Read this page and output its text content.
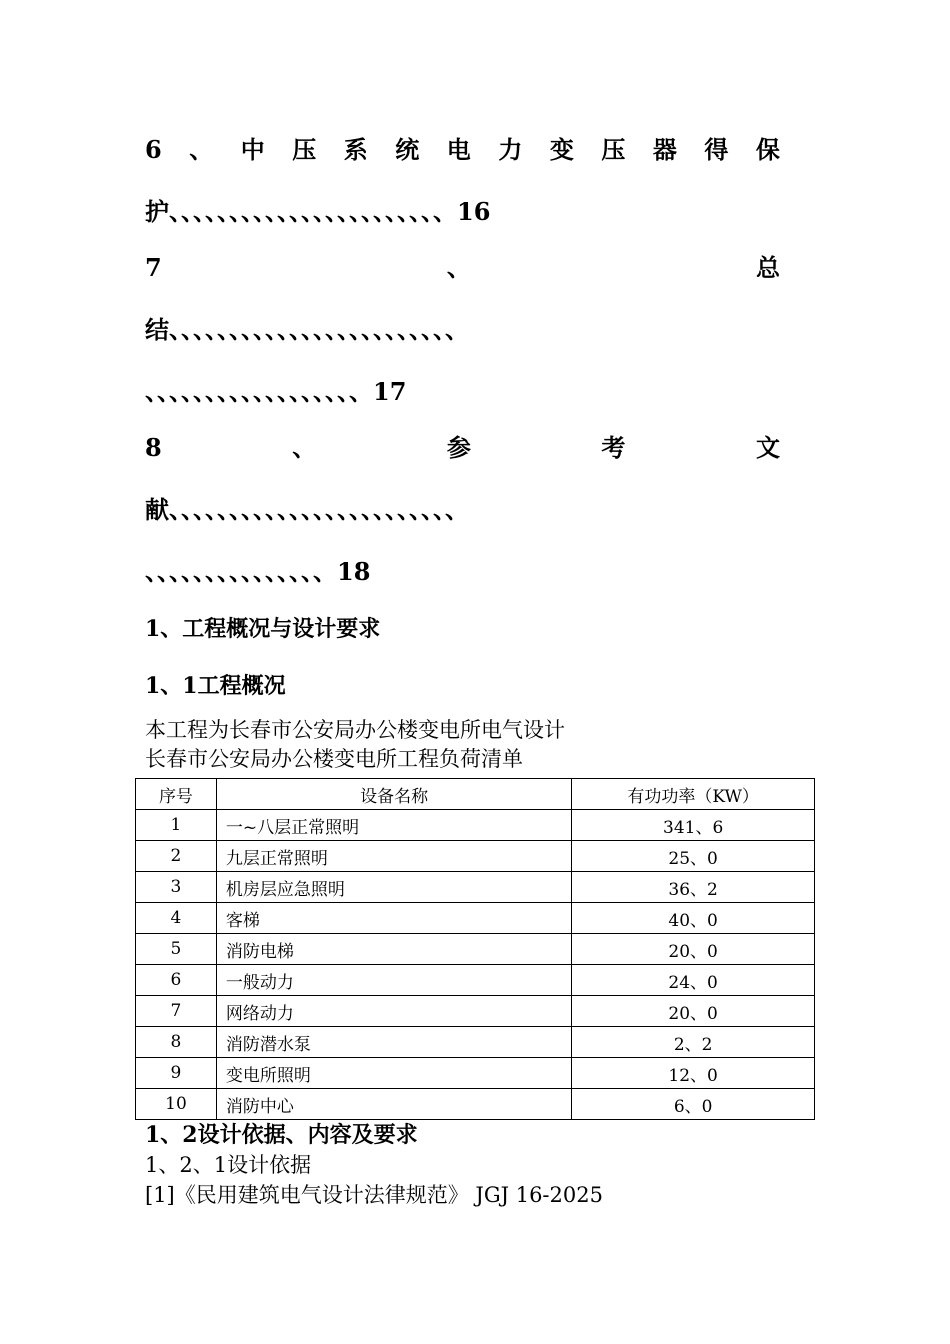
6 、 中 压 系 统 电 力 变 压 器 得 保
护、、、、、、、、、、、、、、、、、、、、、、、16
7	、	总
结、、、、、、、、、、、、、、、、、、、、、、、、
、、、、、、、、、、、、、、、、、、17
8	、	参	考	文
献、、、、、、、、、、、、、、、、、、、、、、、、
、、、、、、、、、、、、、、、18
1、工程概况与设计要求
1、1工程概况
本工程为长春市公安局办公楼变电所电气设计
长春市公安局办公楼变电所工程负荷清单
序号	设备名称	有功功率（KW）
1	一~八层正常照明	341、6
2	九层正常照明	25、0
3	机房层应急照明	36、2
4	客梯	40、0
5	消防电梯	20、0
6	一般动力	24、0
7	网络动力	20、0
8	消防潜水泵	2、2
9	变电所照明	12、0
10	消防中心	6、0
1、2设计依据、内容及要求
1、2、1设计依据
[1]《民用建筑电气设计法律规范》 JGJ 16-2025
